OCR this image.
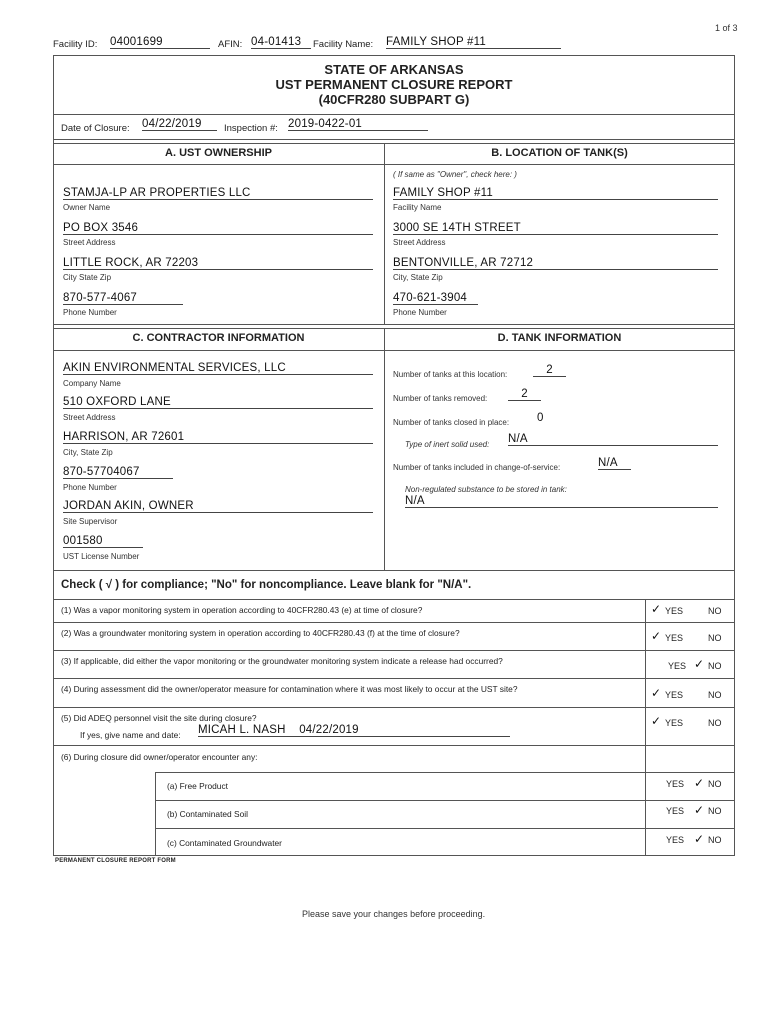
1 of 3
Facility ID: 04001699	AFIN: 04-01413	Facility Name: FAMILY SHOP #11
STATE OF ARKANSAS
UST PERMANENT CLOSURE REPORT
(40CFR280 SUBPART G)
Date of Closure: 04/22/2019	Inspection #: 2019-0422-01
A. UST OWNERSHIP	B. LOCATION OF TANK(S)
STAMJA-LP AR PROPERTIES LLC
Owner Name
PO BOX 3546
Street Address
LITTLE ROCK, AR 72203
City State Zip
870-577-4067
Phone Number
( If same as "Owner", check here: )
FAMILY SHOP #11
Facility Name
3000 SE 14TH STREET
Street Address
BENTONVILLE, AR 72712
City, State Zip
470-621-3904
Phone Number
C. CONTRACTOR INFORMATION	D. TANK INFORMATION
AKIN ENVIRONMENTAL SERVICES, LLC
Company Name
510 OXFORD LANE
Street Address
HARRISON, AR 72601
City, State Zip
870-57704067
Phone Number
JORDAN AKIN, OWNER
Site Supervisor
001580
UST License Number
Number of tanks at this location:	2
Number of tanks removed:	2
Number of tanks closed in place: 0
Type of inert solid used: N/A
Number of tanks included in change-of-service:	N/A
Non-regulated substance to be stored in tank:
N/A
Check ( √ ) for compliance; "No" for noncompliance. Leave blank for "N/A".
(1) Was a vapor monitoring system in operation according to 40CFR280.43 (e) at time of closure?	✓ YES	NO
(2) Was a groundwater monitoring system in operation according to 40CFR280.43 (f) at the time of closure?	✓ YES	NO
(3) If applicable, did either the vapor monitoring or the groundwater monitoring system indicate a release had occurred?	YES ✓ NO
(4) During assessment did the owner/operator measure for contamination where it was most likely to occur at the UST site?	✓ YES	NO
(5) Did ADEQ personnel visit the site during closure?
If yes, give name and date: MICAH L. NASH 04/22/2019
✓ YES	NO
(6) During closure did owner/operator encounter any:
(a) Free Product	YES ✓ NO
(b) Contaminated Soil	YES ✓ NO
(c) Contaminated Groundwater	YES ✓ NO
PERMANENT CLOSURE REPORT FORM
Please save your changes before proceeding.
